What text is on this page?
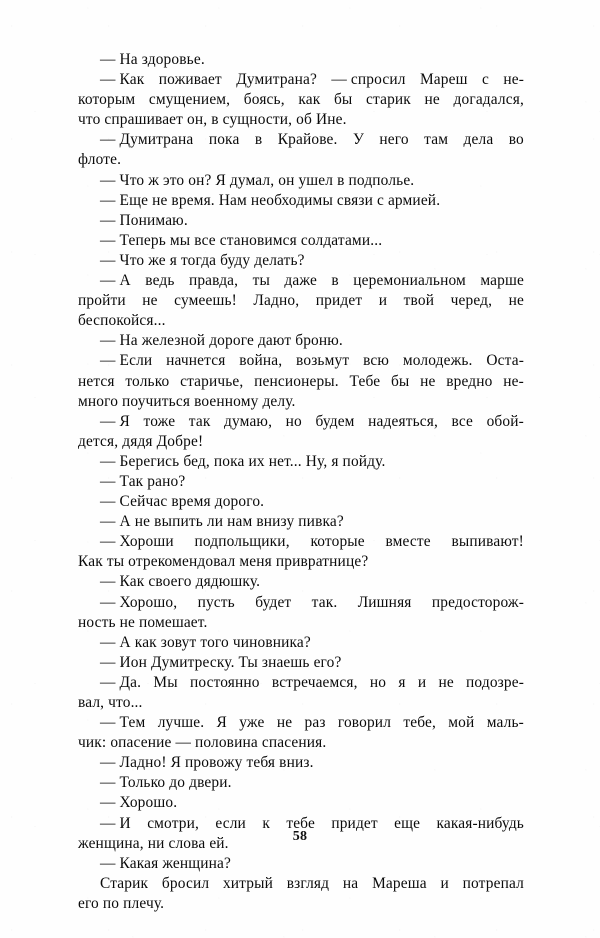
— На здоровье.
— Как поживает Думитрана? — спросил Мареш с не-
которым смущением, боясь, как бы старик не догадался,
что спрашивает он, в сущности, об Ине.
— Думитрана пока в Крайове. У него там дела во
флоте.
— Что ж это он? Я думал, он ушел в подполье.
— Еще не время. Нам необходимы связи с армией.
— Понимаю.
— Теперь мы все становимся солдатами...
— Что же я тогда буду делать?
— А ведь правда, ты даже в церемониальном марше
пройти не сумеешь! Ладно, придет и твой черед, не
беспокойся...
— На железной дороге дают броню.
— Если начнется война, возьмут всю молодежь. Оста-
нется только старичье, пенсионеры. Тебе бы не вредно не-
много поучиться военному делу.
— Я тоже так думаю, но будем надеяться, все обой-
дется, дядя Добре!
— Берегись бед, пока их нет... Ну, я пойду.
— Так рано?
— Сейчас время дорого.
— А не выпить ли нам внизу пивка?
— Хороши подпольщики, которые вместе выпивают!
Как ты отрекомендовал меня привратнице?
— Как своего дядюшку.
— Хорошо, пусть будет так. Лишняя предосторож-
ность не помешает.
— А как зовут того чиновника?
— Ион Думитреску. Ты знаешь его?
— Да. Мы постоянно встречаемся, но я и не подозре-
вал, что...
— Тем лучше. Я уже не раз говорил тебе, мой маль-
чик: опасение — половина спасения.
— Ладно! Я провожу тебя вниз.
— Только до двери.
— Хорошо.
— И смотри, если к тебе придет еще какая-нибудь
женщина, ни слова ей.
— Какая женщина?
Старик бросил хитрый взгляд на Мареша и потрепал
его по плечу.
58
